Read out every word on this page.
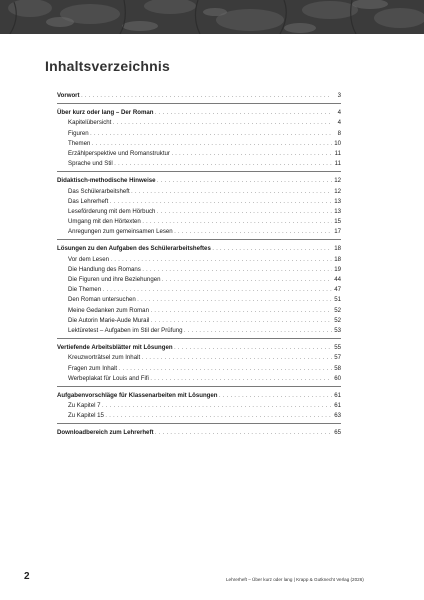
Inhaltsverzeichnis
Vorwort . . .	3
Über kurz oder lang – Der Roman . . .	4
Kapitelübersicht . . .	4
Figuren . . .	8
Themen . . .	10
Erzählperspektive und Romanstruktur . . .	11
Sprache und Stil . . .	11
Didaktisch-methodische Hinweise . . .	12
Das Schülerarbeitsheft . . .	12
Das Lehrerheft . . .	13
Leseförderung mit dem Hörbuch . . .	13
Umgang mit den Hörtexten . . .	15
Anregungen zum gemeinsamen Lesen . . .	17
Lösungen zu den Aufgaben des Schülerarbeitsheftes . . .	18
Vor dem Lesen . . .	18
Die Handlung des Romans . . .	19
Die Figuren und ihre Beziehungen . . .	44
Die Themen . . .	47
Den Roman untersuchen . . .	51
Meine Gedanken zum Roman . . .	52
Die Autorin Marie-Aude Murail . . .	52
Lektüretest – Aufgaben im Stil der Prüfung . . .	53
Vertiefende Arbeitsblätter mit Lösungen . . .	55
Kreuzworträtsel zum Inhalt . . .	57
Fragen zum Inhalt . . .	58
Werbeplakat für Louis and Fifi . . .	60
Aufgabenvorschläge für Klassenarbeiten mit Lösungen . . .	61
Zu Kapitel 7 . . .	61
Zu Kapitel 15 . . .	63
Downloadbereich zum Lehrerheft . . .	65
2	Lehrerheft – Über kurz oder lang | Krapp & Gutknecht Verlag (2026)
